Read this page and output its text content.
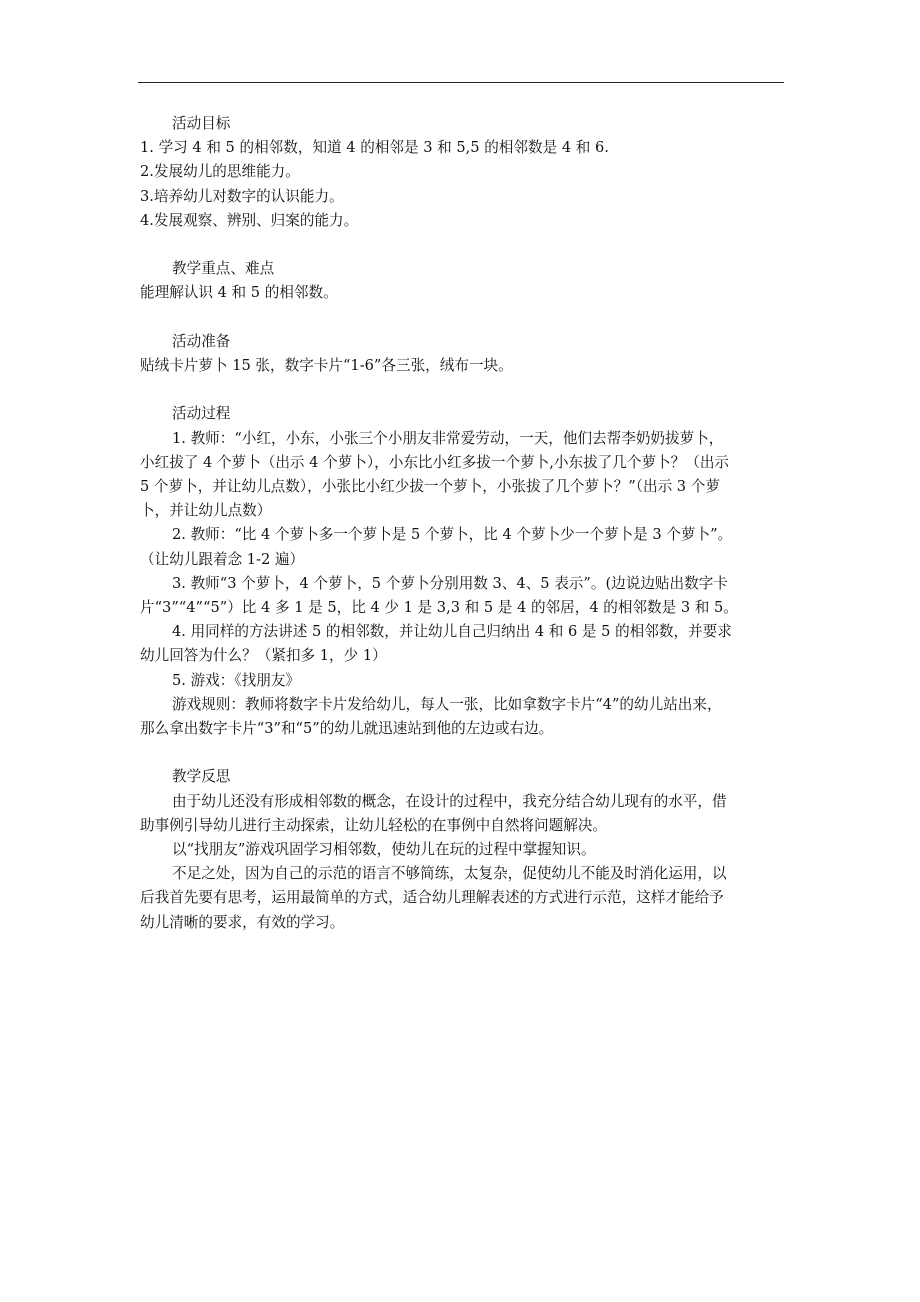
活动目标

1. 学习 4 和 5 的相邻数，知道 4 的相邻是 3 和 5,5 的相邻数是 4 和 6.

2.发展幼儿的思维能力。

3.培养幼儿对数字的认识能力。

4.发展观察、辨别、归案的能力。

教学重点、难点

能理解认识 4 和 5 的相邻数。

活动准备

贴绒卡片萝卜 15 张，数字卡片“1-6”各三张，绒布一块。

活动过程

1. 教师：“小红，小东，小张三个小朋友非常爱劳动，一天，他们去帮李奶奶拔萝卜，

小红拔了 4 个萝卜（出示 4 个萝卜），小东比小红多拔一个萝卜,小东拔了几个萝卜？（出示

5 个萝卜，并让幼儿点数），小张比小红少拔一个萝卜，小张拔了几个萝卜？”（出示 3 个萝

卜，并让幼儿点数）

2. 教师：“比 4 个萝卜多一个萝卜是 5 个萝卜，比 4 个萝卜少一个萝卜是 3 个萝卜”。

（让幼儿跟着念 1-2 遍）

3. 教师“3 个萝卜，4 个萝卜，5 个萝卜分别用数 3、4、5 表示”。(边说边贴出数字卡

片“3”“4”“5”）比 4 多 1 是 5，比 4 少 1 是 3,3 和 5 是 4 的邻居，4 的相邻数是 3 和 5。

4. 用同样的方法讲述 5 的相邻数，并让幼儿自己归纳出 4 和 6 是 5 的相邻数，并要求

幼儿回答为什么？（紧扣多 1，少 1）

5. 游戏：《找朋友》

游戏规则：教师将数字卡片发给幼儿，每人一张，比如拿数字卡片“4”的幼儿站出来，

那么拿出数字卡片“3”和“5”的幼儿就迅速站到他的左边或右边。

教学反思

由于幼儿还没有形成相邻数的概念，在设计的过程中，我充分结合幼儿现有的水平，借

助事例引导幼儿进行主动探索，让幼儿轻松的在事例中自然将问题解决。

以“找朋友”游戏巩固学习相邻数，使幼儿在玩的过程中掌握知识。

不足之处，因为自己的示范的语言不够简练，太复杂，促使幼儿不能及时消化运用，以

后我首先要有思考，运用最简单的方式，适合幼儿理解表述的方式进行示范，这样才能给予

幼儿清晰的要求，有效的学习。
